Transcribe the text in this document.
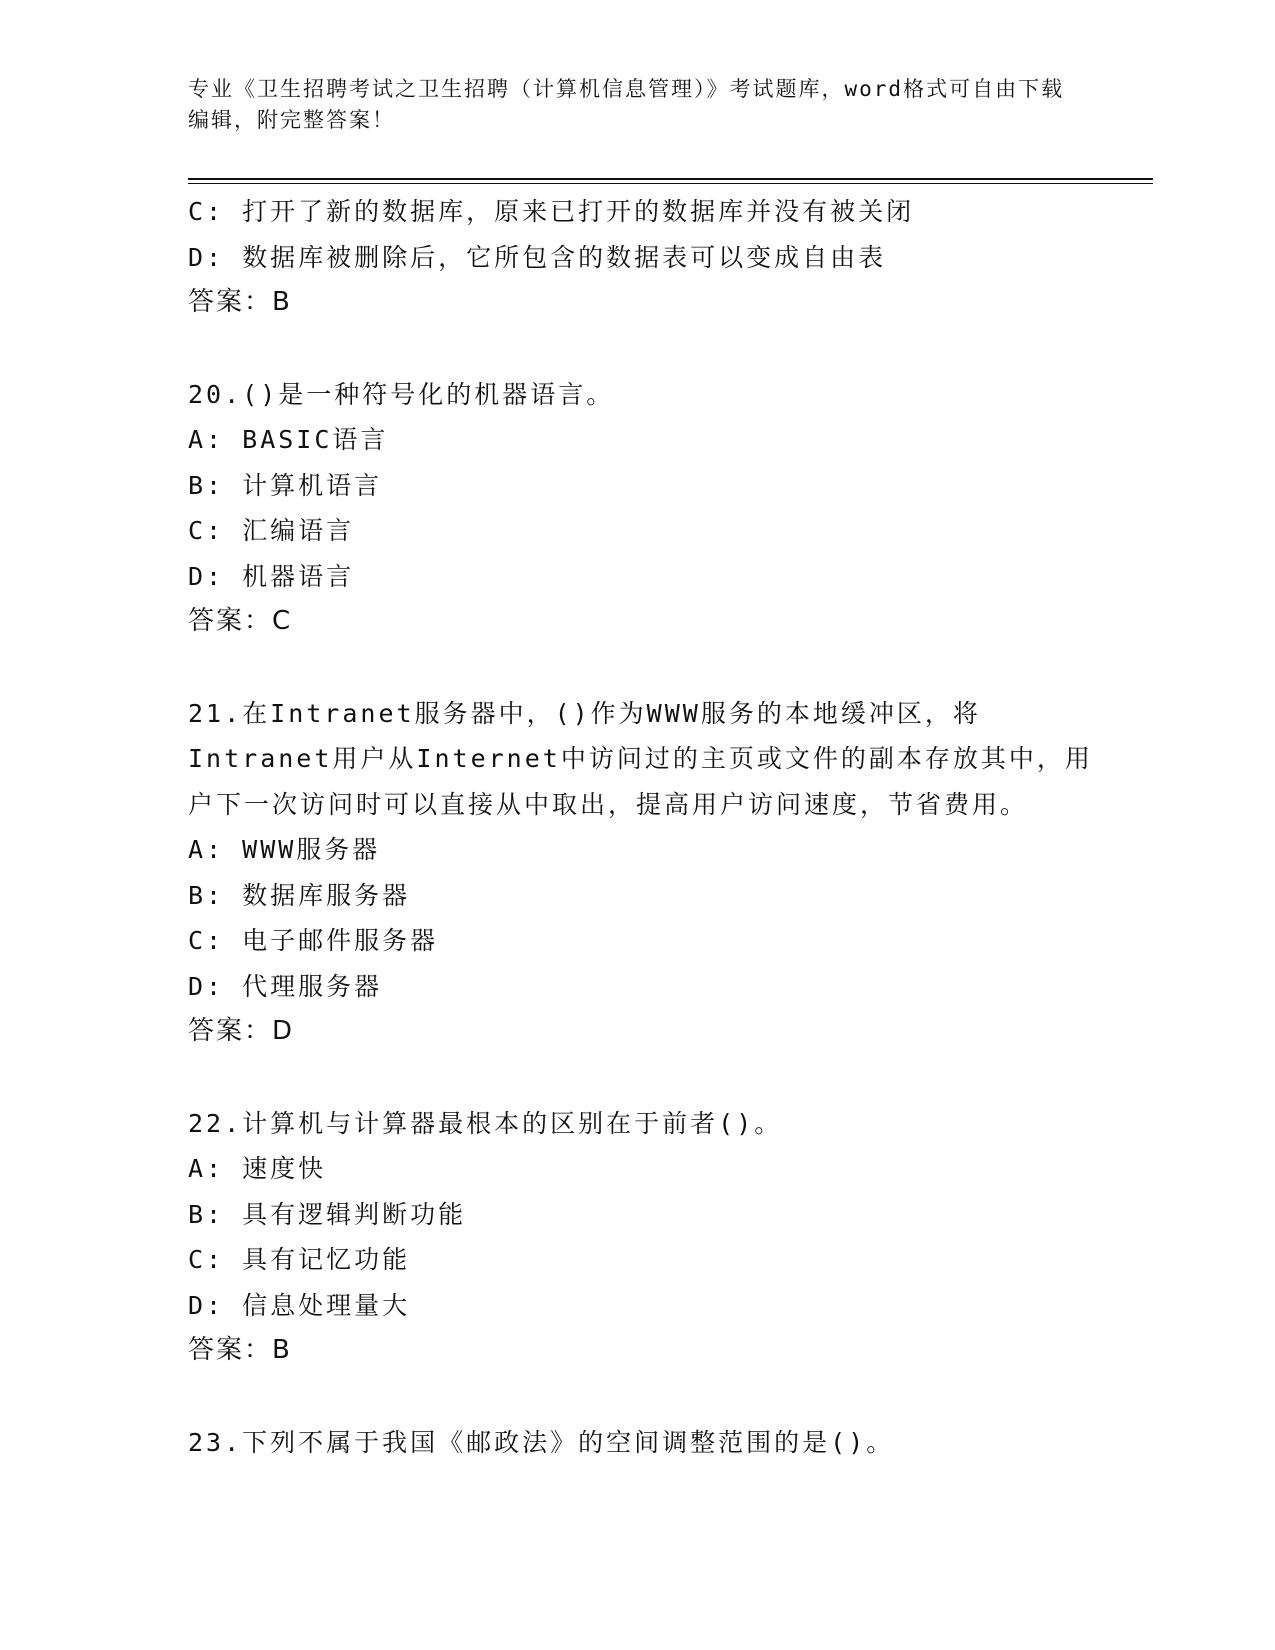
专业《卫生招聘考试之卫生招聘（计算机信息管理）》考试题库，word格式可自由下载编辑，附完整答案！

C: 打开了新的数据库，原来已打开的数据库并没有被关闭

D: 数据库被删除后，它所包含的数据表可以变成自由表

答案：B

20.()是一种符号化的机器语言。

A: BASIC语言

B: 计算机语言

C: 汇编语言

D: 机器语言

答案：C

21.在Intranet服务器中，()作为WWW服务的本地缓冲区，将Intranet用户从Internet中访问过的主页或文件的副本存放其中，用户下一次访问时可以直接从中取出，提高用户访问速度，节省费用。

A: WWW服务器

B: 数据库服务器

C: 电子邮件服务器

D: 代理服务器

答案：D

22.计算机与计算器最根本的区别在于前者()。

A: 速度快

B: 具有逻辑判断功能

C: 具有记忆功能

D: 信息处理量大

答案：B

23.下列不属于我国《邮政法》的空间调整范围的是()。
